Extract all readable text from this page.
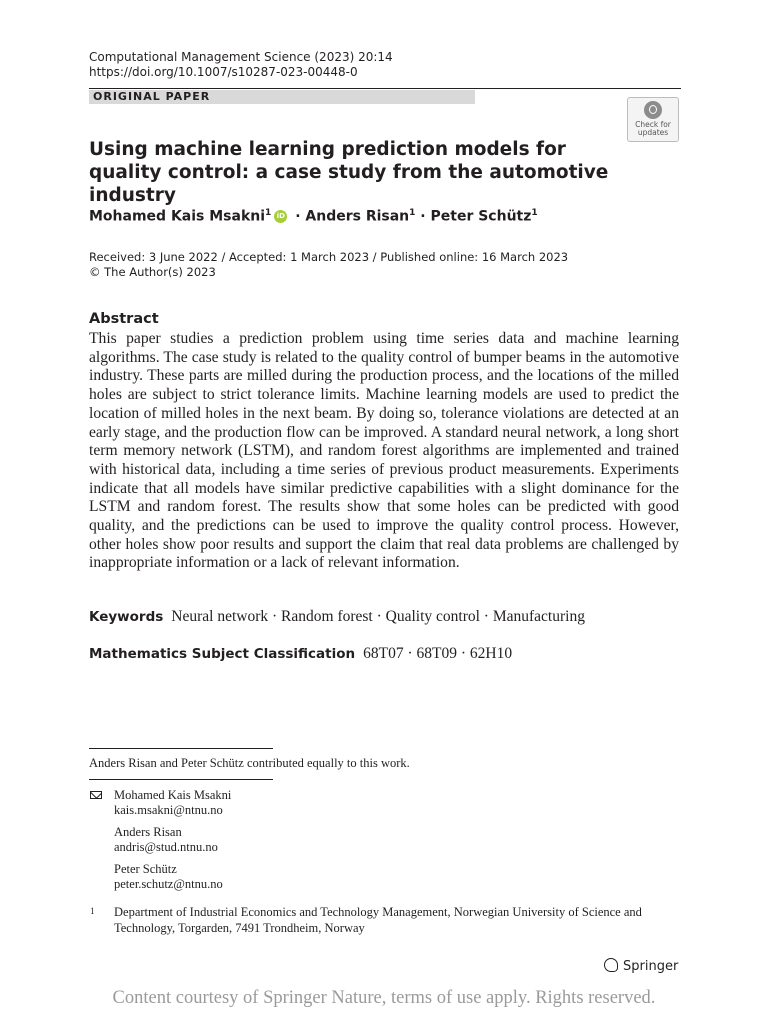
Computational Management Science (2023) 20:14
https://doi.org/10.1007/s10287-023-00448-0
ORIGINAL PAPER
Check for
updates
Using machine learning prediction models for quality control: a case study from the automotive industry
Mohamed Kais Msakni$^1$ iD · Anders Risan$^1$ · Peter Schütz$^1$
Received: 3 June 2022 / Accepted: 1 March 2023 / Published online: 16 March 2023
© The Author(s) 2023
Abstract
This paper studies a prediction problem using time series data and machine learning algorithms. The case study is related to the quality control of bumper beams in the automotive industry. These parts are milled during the production process, and the locations of the milled holes are subject to strict tolerance limits. Machine learning models are used to predict the location of milled holes in the next beam. By doing so, tolerance violations are detected at an early stage, and the production flow can be improved. A standard neural network, a long short term memory network (LSTM), and random forest algorithms are implemented and trained with historical data, including a time series of previous product measurements. Experiments indicate that all models have similar predictive capabilities with a slight dominance for the LSTM and random forest. The results show that some holes can be predicted with good quality, and the predictions can be used to improve the quality control process. However, other holes show poor results and support the claim that real data problems are challenged by inappropriate information or a lack of relevant information.
Keywords Neural network · Random forest · Quality control · Manufacturing
Mathematics Subject Classification 68T07 · 68T09 · 62H10
Anders Risan and Peter Schütz contributed equally to this work.
Mohamed Kais Msakni
kais.msakni@ntnu.no
Anders Risan
andris@stud.ntnu.no
Peter Schütz
peter.schutz@ntnu.no
1 Department of Industrial Economics and Technology Management, Norwegian University of Science and Technology, Torgarden, 7491 Trondheim, Norway
Springer
Content courtesy of Springer Nature, terms of use apply. Rights reserved.
